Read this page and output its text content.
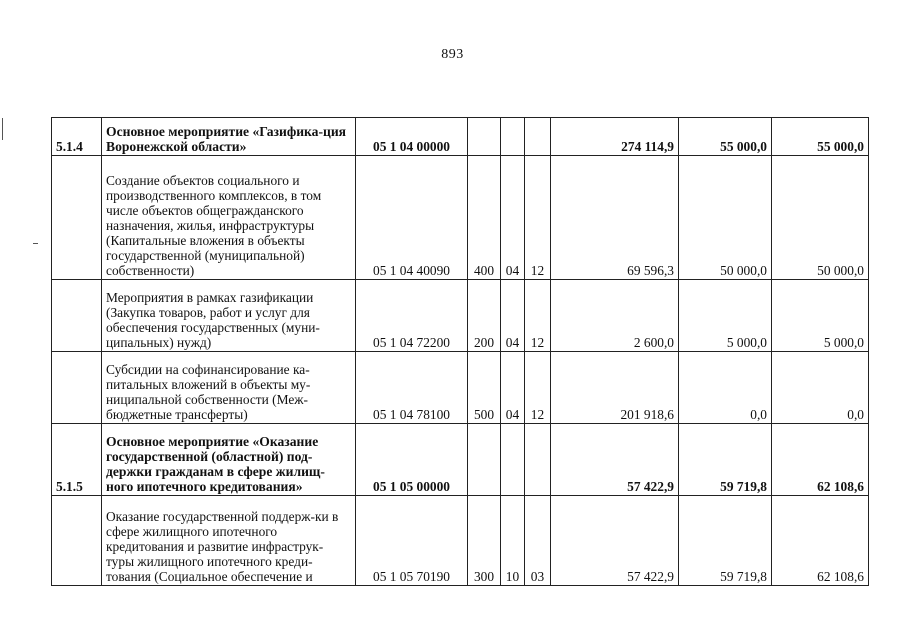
893
5.1.4	Основное мероприятие «Газифика-ция Воронежской области»	05 1 04 00000				274 114,9	55 000,0	55 000,0
	Создание объектов социального и производственного комплексов, в том числе объектов общегражданского назначения, жилья, инфраструктуры (Капитальные вложения в объекты государственной (муниципальной) собственности)	05 1 04 40090	400	04	12	69 596,3	50 000,0	50 000,0
	Мероприятия в рамках газификации (Закупка товаров, работ и услуг для обеспечения государственных (муни-ципальных) нужд)	05 1 04 72200	200	04	12	2 600,0	5 000,0	5 000,0
	Субсидии на софинансирование ка-питальных вложений в объекты му-ниципальной собственности (Меж-бюджетные трансферты)	05 1 04 78100	500	04	12	201 918,6	0,0	0,0
5.1.5	Основное мероприятие «Оказание государственной (областной) под-держки гражданам в сфере жилищ-ного ипотечного кредитования»	05 1 05 00000				57 422,9	59 719,8	62 108,6
	Оказание государственной поддерж-ки в сфере жилищного ипотечного кредитования и развитие инфраструк-туры жилищного ипотечного креди-тования (Социальное обеспечение и	05 1 05 70190	300	10	03	57 422,9	59 719,8	62 108,6
